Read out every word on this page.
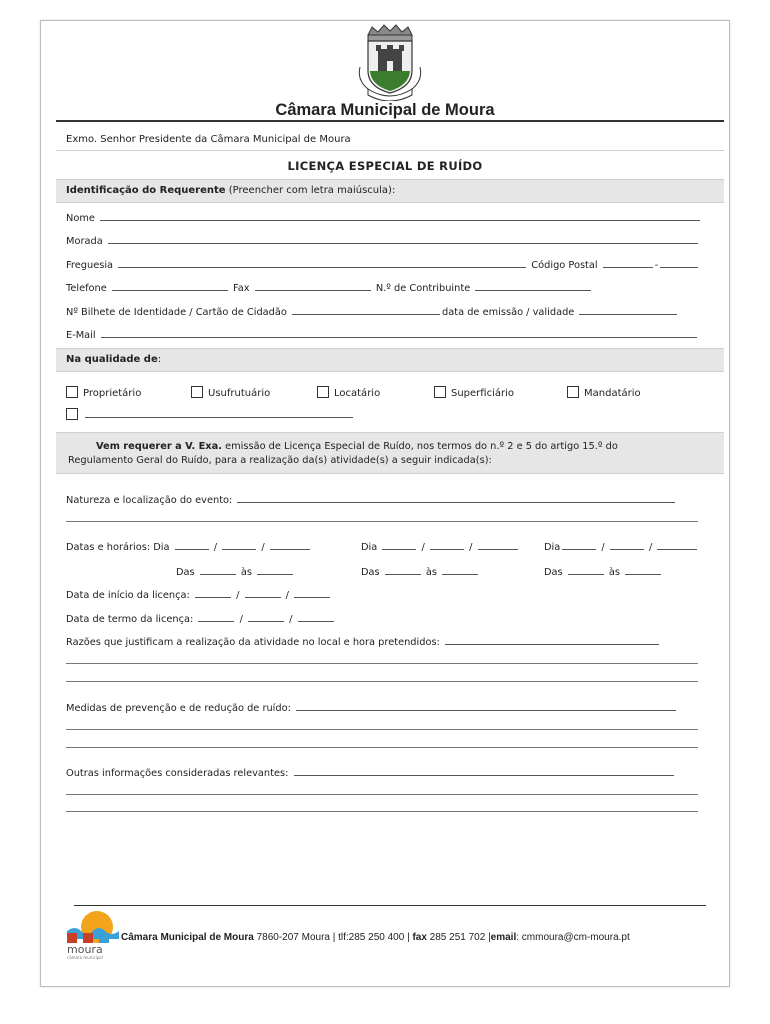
Câmara Municipal de Moura
Exmo. Senhor Presidente da Câmara Municipal de Moura
LICENÇA ESPECIAL DE RUÍDO
Identificação do Requerente (Preencher com letra maiúscula):
Nome
Morada
Freguesia	Código Postal	-
Telefone	Fax	N.º de Contribuinte
Nº Bilhete de Identidade / Cartão de Cidadão	data de emissão / validade
E-Mail
Na qualidade de:
Proprietário	Usufrutuário	Locatário	Superficiário	Mandatário
Vem requerer a V. Exa. emissão de Licença Especial de Ruído, nos termos do n.º 2 e 5 do artigo 15.º do
Regulamento Geral do Ruído, para a realização da(s) atividade(s) a seguir indicada(s):
Natureza e localização do evento:
Datas e horários: Dia	/	/	Dia	/	/	Dia	/	/
Das	às	Das	às	Das	às
Data de início da licença:	/	/
Data de termo da licença:	/	/
Razões que justificam a realização da atividade no local e hora pretendidos:
Medidas de prevenção e de redução de ruído:
Outras informações consideradas relevantes:
moura
câmara municipal
Câmara Municipal de Moura 7860-207 Moura | tlf:285 250 400 | fax 285 251 702 |email: cmmoura@cm-moura.pt
